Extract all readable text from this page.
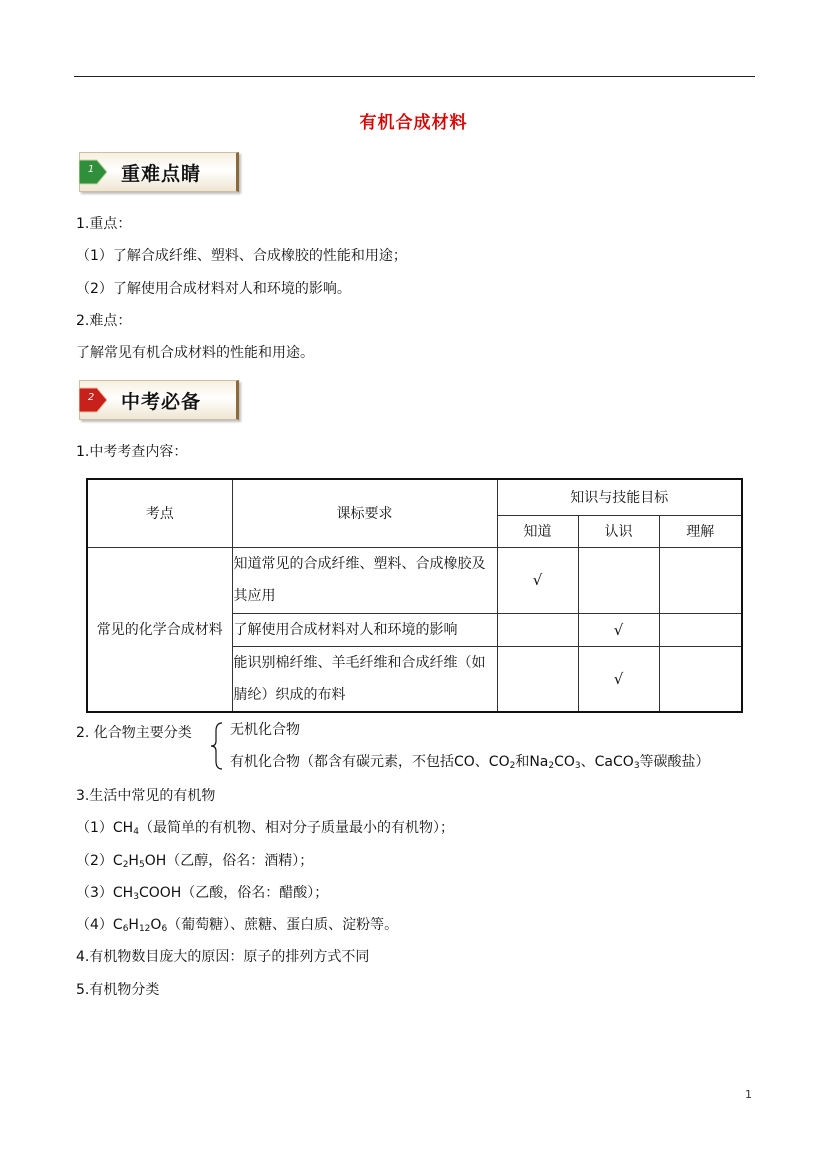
有机合成材料
1	重难点睛
1.重点：
（1）了解合成纤维、塑料、合成橡胶的性能和用途；
（2）了解使用合成材料对人和环境的影响。
2.难点：
了解常见有机合成材料的性能和用途。
2	中考必备
1.中考考查内容：
考点	课标要求	知识与技能目标		
		知道	认识	理解
常见的化学合成材料	知道常见的合成纤维、塑料、合成橡胶及其应用	√		
	了解使用合成材料对人和环境的影响		√	
	能识别棉纤维、羊毛纤维和合成纤维（如腈纶）织成的布料		√	
2. 化合物主要分类	无机化合物
有机化合物（都含有碳元素，不包括CO、$CO_2$和$Na_2CO_3$、CaCO$_3$等碳酸盐）
3.生活中常见的有机物
$(1)CH_4$（最简单的有机物、相对分子质量最小的有机物）；
$(2)C_2H_5OH$（乙醇，俗名：酒精）；
$(3)CH_3COOH$（乙酸，俗名：醋酸）；
$(4)C_6H_{12}O_6$（葡萄糖）、蔗糖、蛋白质、淀粉等。
4.有机物数目庞大的原因：原子的排列方式不同
5.有机物分类
1
